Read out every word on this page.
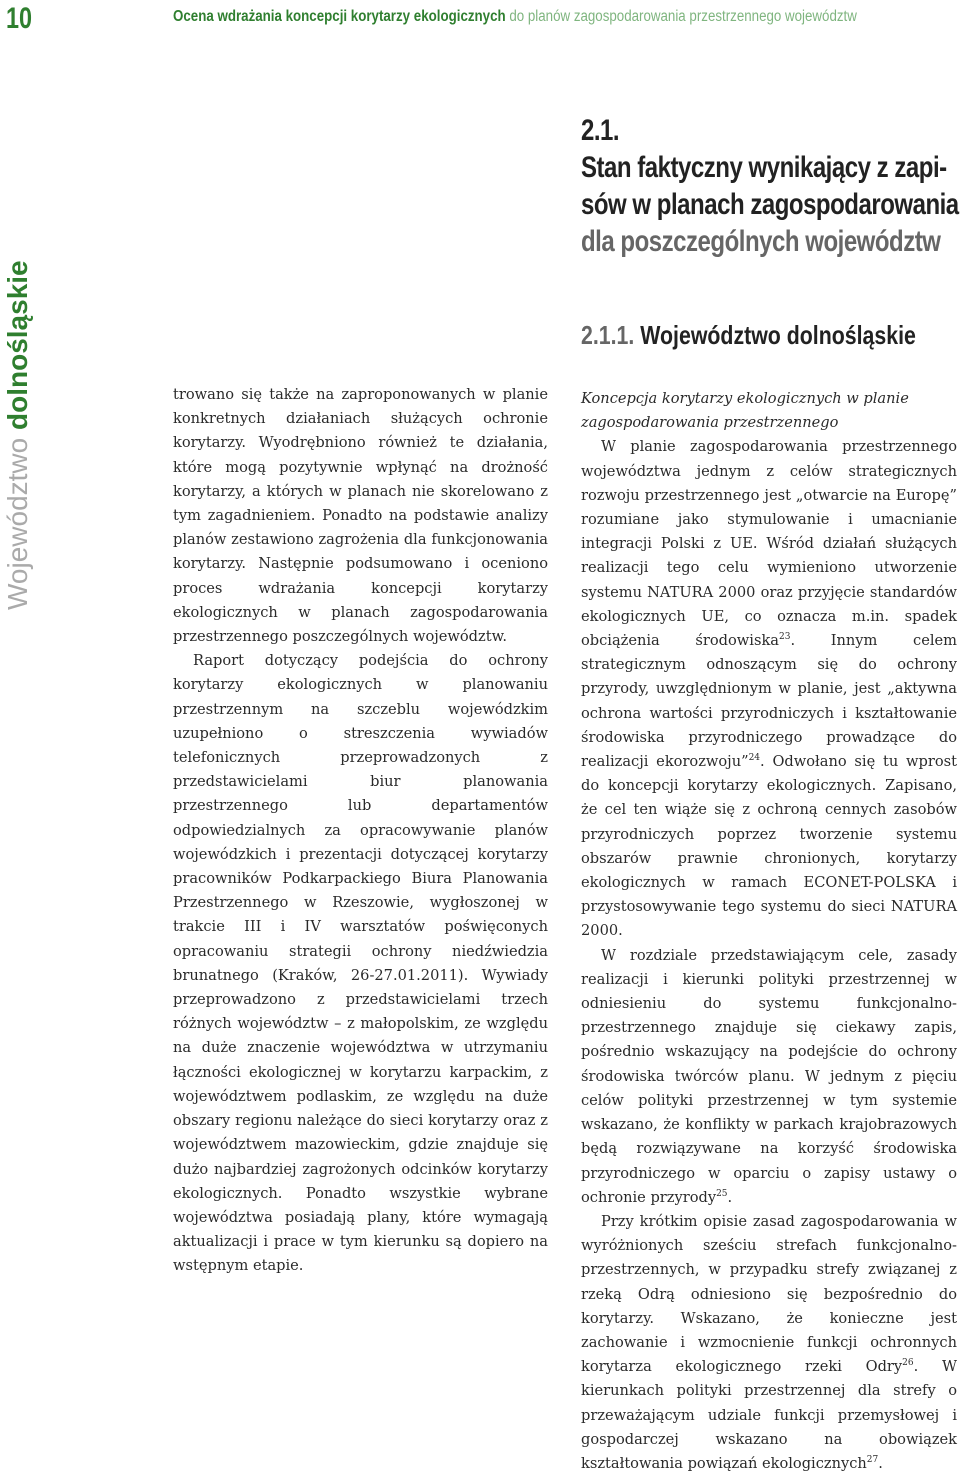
10	Ocena wdrażania koncepcji korytarzy ekologicznych do planów zagospodarowania przestrzennego województw
2.1.
Stan faktyczny wynikający z zapi-
sów w planach zagospodarowania
dla poszczególnych województw
Województwo dolnośląskie	2.1.1. Województwo dolnośląskie

trowano się także na zaproponowanych w planie konkretnych działaniach służących ochronie korytarzy. Wyodrębniono również te działania, które mogą pozytywnie wpłynąć na drożność korytarzy, a których w planach nie skorelowano z tym zagadnieniem. Ponadto na podstawie analizy planów zestawiono zagrożenia dla funkcjonowania korytarzy. Następnie podsumowano i oceniono proces wdrażania koncepcji korytarzy ekologicznych w planach zagospodarowania przestrzennego poszczególnych województw.

Raport dotyczący podejścia do ochrony korytarzy ekologicznych w planowaniu przestrzennym na szczeblu wojewódzkim uzupełniono o streszczenia wywiadów telefonicznych przeprowadzonych z przedstawicielami biur planowania przestrzennego lub departamentów odpowiedzialnych za opracowywanie planów wojewódzkich i prezentacji dotyczącej korytarzy pracowników Podkarpackiego Biura Planowania Przestrzennego w Rzeszowie, wygłoszonej w trakcie III i IV warsztatów poświęconych opracowaniu strategii ochrony niedźwiedzia brunatnego (Kraków, 26-27.01.2011). Wywiady przeprowadzono z przedstawicielami trzech różnych województw – z małopolskim, ze względu na duże znaczenie województwa w utrzymaniu łączności ekologicznej w korytarzu karpackim, z województwem podlaskim, ze względu na duże obszary regionu należące do sieci korytarzy oraz z województwem mazowieckim, gdzie znajduje się dużo najbardziej zagrożonych odcinków korytarzy ekologicznych. Ponadto wszystkie wybrane województwa posiadają plany, które wymagają aktualizacji i prace w tym kierunku są dopiero na wstępnym etapie.

Koncepcja korytarzy ekologicznych w planie zagospodarowania przestrzennego

W planie zagospodarowania przestrzennego województwa jednym z celów strategicznych rozwoju przestrzennego jest „otwarcie na Europę” rozumiane jako stymulowanie i umacnianie integracji Polski z UE. Wśród działań służących realizacji tego celu wymieniono utworzenie systemu NATURA 2000 oraz przyjęcie standardów ekologicznych UE, co oznacza m.in. spadek obciążenia środowiska$^{23}$. Innym celem strategicznym odnoszącym się do ochrony przyrody, uwzględnionym w planie, jest „aktywna ochrona wartości przyrodniczych i kształtowanie środowiska przyrodniczego prowadzące do realizacji ekorozwoju”$^{24}$. Odwołano się tu wprost do koncepcji korytarzy ekologicznych. Zapisano, że cel ten wiąże się z ochroną cennych zasobów przyrodniczych poprzez tworzenie systemu obszarów prawnie chronionych, korytarzy ekologicznych w ramach ECONET-POLSKA i przystosowywanie tego systemu do sieci NATURA 2000.

W rozdziale przedstawiającym cele, zasady realizacji i kierunki polityki przestrzennej w odniesieniu do systemu funkcjonalno-przestrzennego znajduje się ciekawy zapis, pośrednio wskazujący na podejście do ochrony środowiska twórców planu. W jednym z pięciu celów polityki przestrzennej w tym systemie wskazano, że konflikty w parkach krajobrazowych będą rozwiązywane na korzyść środowiska przyrodniczego w oparciu o zapisy ustawy o ochronie przyrody$^{25}$.

Przy krótkim opisie zasad zagospodarowania w wyróżnionych sześciu strefach funkcjonalno-przestrzennych, w przypadku strefy związanej z rzeką Odrą odniesiono się bezpośrednio do korytarzy. Wskazano, że konieczne jest zachowanie i wzmocnienie funkcji ochronnych korytarza ekologicznego rzeki Odry$^{26}$. W kierunkach polityki przestrzennej dla strefy o przeważającym udziale funkcji przemysłowej i gospodarczej wskazano na obowiązek kształtowania powiązań ekologicznych$^{27}$.
